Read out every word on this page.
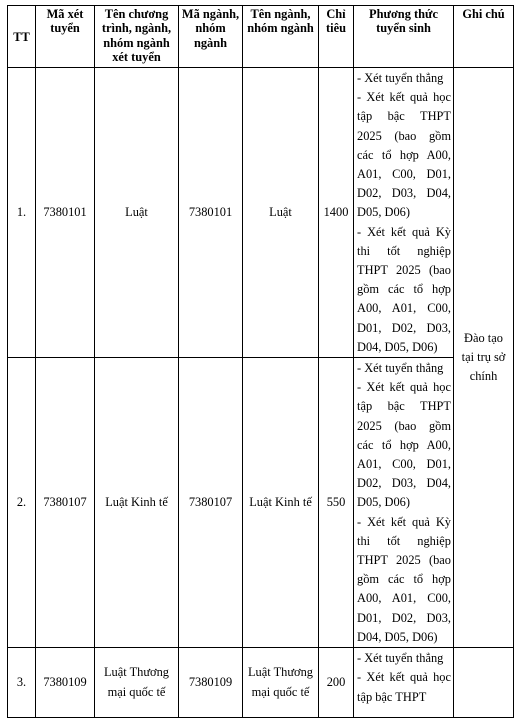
TT	Mã xét tuyển	Tên chương trình, ngành, nhóm ngành xét tuyển	Mã ngành, nhóm ngành	Tên ngành, nhóm ngành	Chỉ tiêu	Phương thức tuyển sinh	Ghi chú
1.	7380101	Luật	7380101	Luật	1400	- Xét tuyển thẳng
- Xét kết quả học tập bậc THPT 2025 (bao gồm các tổ hợp A00, A01, C00, D01, D02, D03, D04, D05, D06)
- Xét kết quả Kỳ thi tốt nghiệp THPT 2025 (bao gồm các tổ hợp A00, A01, C00, D01, D02, D03, D04, D05, D06)	Đào tạo tại trụ sở chính
2.	7380107	Luật Kinh tế	7380107	Luật Kinh tế	550	- Xét tuyển thẳng
- Xét kết quả học tập bậc THPT 2025 (bao gồm các tổ hợp A00, A01, C00, D01, D02, D03, D04, D05, D06)
- Xét kết quả Kỳ thi tốt nghiệp THPT 2025 (bao gồm các tổ hợp A00, A01, C00, D01, D02, D03, D04, D05, D06)	

3.	7380109	Luật Thương mại quốc tế	7380109	Luật Thương mại quốc tế	200	- Xét tuyển thẳng
- Xét kết quả học tập bậc THPT	
